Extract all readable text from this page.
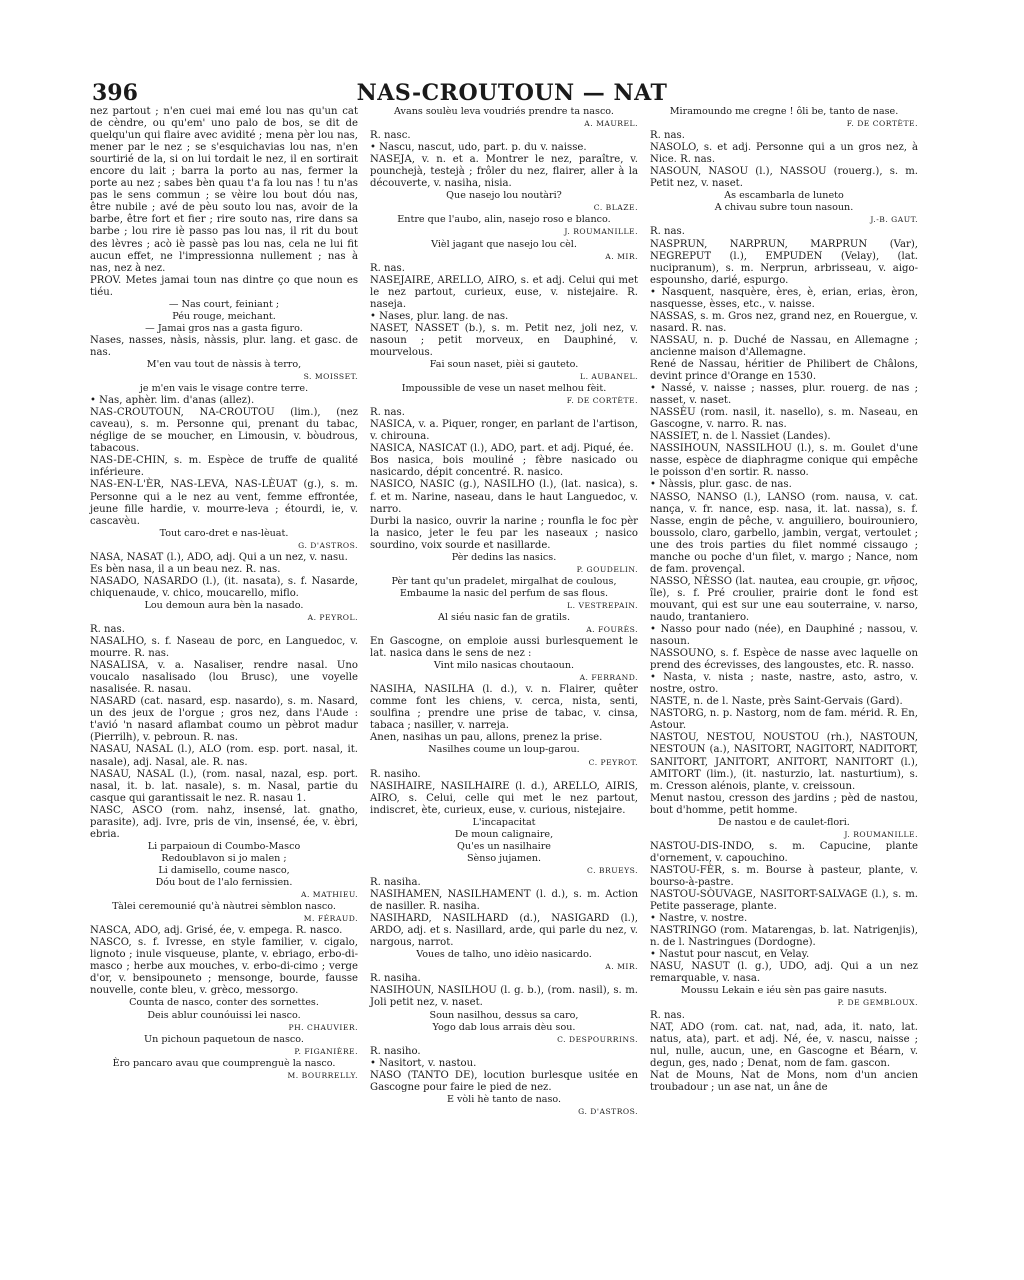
396	NAS-CROUTOUN — NAT
nez partout ; n'en cuei mai emé lou nas qu'un cat de cèndre, ou qu'em' uno palo de bos, se dit de quelqu'un qui flaire avec avidité ; mena pèr lou nas, mener par le nez ; se s'esquichavias lou nas, n'en sourtirié de la, si on lui tordait le nez, il en sortirait encore du lait ; barra la porto au nas, fermer la porte au nez ; sabes bèn quau t'a fa lou nas ! tu n'as pas le sens commun ; se vèire lou bout dóu nas, être nubile ; avé de pèu souto lou nas, avoir de la barbe, être fort et fier ; rire souto nas, rire dans sa barbe ; lou rire iè passo pas lou nas, il rit du bout des lèvres ; acò iè passè pas lou nas, cela ne lui fit aucun effet, ne l'impressionna nullement ; nas à nas, nez à nez.
PROV. Metes jamai toun nas dintre ço que noun es tiéu.
— Nas court, feiniant ;
Péu rouge, meichant.
— Jamai gros nas a gasta figuro.
Nases, nasses, nàsis, nàssis, plur. lang. et gasc. de nas.
M'en vau tout de nàssis à terro,
S. MOISSET.
je m'en vais le visage contre terre.
• Nas, aphèr. lim. d'anas (allez).
NAS-CROUTOUN, NA-CROUTOU (lim.), (nez caveau), s. m. Personne qui, prenant du tabac, néglige de se moucher, en Limousin, v. bòudrous, tabacous.
NAS-DE-CHIN, s. m. Espèce de truffe de qualité inférieure.
NAS-EN-L'ÈR, NAS-LEVA, NAS-LÈUAT (g.), s. m. Personne qui a le nez au vent, femme effrontée, jeune fille hardie, v. mourre-leva ; étourdi, ie, v. cascavèu.
Tout caro-dret e nas-lèuat.
G. D'ASTROS.
NASA, NASAT (l.), ADO, adj. Qui a un nez, v. nasu.
Es bèn nasa, il a un beau nez. R. nas.
NASADO, NASARDO (l.), (it. nasata), s. f. Nasarde, chiquenaude, v. chico, moucarello, miflo.
Lou demoun aura bèn la nasado.
A. PEYROL.
R. nas.
NASALHO, s. f. Naseau de porc, en Languedoc, v. mourre. R. nas.
NASALISA, v. a. Nasaliser, rendre nasal. Uno voucalo nasalisado (lou Brusc), une voyelle nasalisée. R. nasau.
NASARD (cat. nasard, esp. nasardo), s. m. Nasard, un des jeux de l'orgue ; gros nez, dans l'Aude : t'avió 'n nasard aflambat coumo un pèbrot madur (Pierrilh), v. pebroun. R. nas.
NASAU, NASAL (l.), ALO (rom. esp. port. nasal, it. nasale), adj. Nasal, ale. R. nas.
NASAU, NASAL (l.), (rom. nasal, nazal, esp. port. nasal, it. b. lat. nasale), s. m. Nasal, partie du casque qui garantissait le nez. R. nasau 1.
NASC, ASCO (rom. nahz, insensé, lat. gnatho, parasite), adj. Ivre, pris de vin, insensé, ée, v. èbri, ebria.
Li parpaioun di Coumbo-Masco
Redoublavon si jo malen ;
Li damisello, coume nasco,
Dóu bout de l'alo fernissien.
A. MATHIEU.
Tàlei ceremounié qu'à nàutrei sèmblon nasco.
M. FÉRAUD.
NASCA, ADO, adj. Grisé, ée, v. empega. R. nasco.
NASCO, s. f. Ivresse, en style familier, v. cigalo, lignoto ; inule visqueuse, plante, v. ebriago, erbo-di-masco ; herbe aux mouches, v. erbo-di-cimo ; verge d'or, v. bensipouneto ; mensonge, bourde, fausse nouvelle, conte bleu, v. grèco, messorgo.
Counta de nasco, conter des sornettes.
Deis ablur counóuissi lei nasco.
PH. CHAUVIER.
Un pichoun paquetoun de nasco.
P. FIGANIÈRE.
Èro pancaro avau que coumprenguè la nasco.
M. BOURRELLY.
Avans soulèu leva voudriés prendre ta nasco.
A. MAUREL.
R. nasc.
• Nascu, nascut, udo, part. p. du v. naisse.
NASEJA, v. n. et a. Montrer le nez, paraître, v. pounchejà, testejà ; frôler du nez, flairer, aller à la découverte, v. nasiha, nisia.
Que nasejo lou noutàri?
C. BLAZE.
Entre que l'aubo, alin, nasejo roso e blanco.
J. ROUMANILLE.
Vièl jagant que nasejo lou cèl.
A. MIR.
R. nas.
NASEJAIRE, ARELLO, AIRO, s. et adj. Celui qui met le nez partout, curieux, euse, v. nistejaire. R. naseja.
• Nases, plur. lang. de nas.
NASET, NASSET (b.), s. m. Petit nez, joli nez, v. nasoun ; petit morveux, en Dauphiné, v. mourvelous.
Fai soun naset, pièi si gauteto.
L. AUBANEL.
Impoussible de vese un naset melhou fèit.
F. DE CORTÈTE.
R. nas.
NASICA, v. a. Piquer, ronger, en parlant de l'artison, v. chirouna.
NASICA, NASICAT (l.), ADO, part. et adj. Piqué, ée.
Bos nasica, bois mouliné ; fèbre nasicado ou nasicardo, dépit concentré. R. nasico.
NASICO, NASIC (g.), NASILHO (l.), (lat. nasica), s. f. et m. Narine, naseau, dans le haut Languedoc, v. narro.
Durbi la nasico, ouvrir la narine ; rounfla le foc pèr la nasico, jeter le feu par les naseaux ; nasico sourdino, voix sourde et nasillarde.
Pèr dedins las nasics.
P. GOUDELIN.
Pèr tant qu'un pradelet, mirgalhat de coulous,
Embaume la nasic del perfum de sas flous.
L. VESTREPAIN.
Al siéu nasic fan de gratils.
A. FOURÈS.
En Gascogne, on emploie aussi burlesquement le lat. nasica dans le sens de nez :
Vint milo nasicas choutaoun.
A. FERRAND.
NASIHA, NASILHA (l. d.), v. n. Flairer, quêter comme font les chiens, v. cerca, nista, senti, soulfina ; prendre une prise de tabac, v. cinsa, tabaca ; nasiller, v. narreja.
Anen, nasihas un pau, allons, prenez la prise.
Nasilhes coume un loup-garou.
C. PEYROT.
R. nasiho.
NASIHAIRE, NASILHAIRE (l. d.), ARELLO, AIRIS, AIRO, s. Celui, celle qui met le nez partout, indiscret, ète, curieux, euse, v. curious, nistejaire.
L'incapacitat
De moun calignaire,
Qu'es un nasilhaire
Sènso jujamen.
C. BRUEYS.
R. nasiha.
NASIHAMEN, NASILHAMENT (l. d.), s. m. Action de nasiller. R. nasiha.
NASIHARD, NASILHARD (d.), NASIGARD (l.), ARDO, adj. et s. Nasillard, arde, qui parle du nez, v. nargous, narrot.
Voues de talho, uno idèio nasicardo.
A. MIR.
R. nasiha.
NASIHOUN, NASILHOU (l. g. b.), (rom. nasil), s. m. Joli petit nez, v. naset.
Soun nasilhou, dessus sa caro,
Yogo dab lous arrais dèu sou.
C. DESPOURRINS.
R. nasiho.
• Nasitort, v. nastou.
NASO (TANTO DE), locution burlesque usitée en Gascogne pour faire le pied de nez.
E vòli hè tanto de naso.
G. D'ASTROS.
Miramoundo me cregne ! ôli be, tanto de nase.
F. DE CORTÈTE.
R. nas.
NASOLO, s. et adj. Personne qui a un gros nez, à Nice. R. nas.
NASOUN, NASOU (l.), NASSOU (rouerg.), s. m. Petit nez, v. naset.
As escambarla de luneto
A chivau subre toun nasoun.
J.-B. GAUT.
R. nas.
NASPRUN, NARPRUN, MARPRUN (Var), NEGREPUT (l.), EMPUDEN (Velay), (lat. nucipranum), s. m. Nerprun, arbrisseau, v. aigo-espounsho, darié, espurgo.
• Nasquent, nasquère, ères, è, erian, erias, èron, nasquesse, èsses, etc., v. naisse.
NASSAS, s. m. Gros nez, grand nez, en Rouergue, v. nasard. R. nas.
NASSAU, n. p. Duché de Nassau, en Allemagne ; ancienne maison d'Allemagne.
René de Nassau, héritier de Philibert de Châlons, devint prince d'Orange en 1530.
• Nassé, v. naisse ; nasses, plur. rouerg. de nas ; nasset, v. naset.
NASSÈU (rom. nasil, it. nasello), s. m. Naseau, en Gascogne, v. narro. R. nas.
NASSIET, n. de l. Nassiet (Landes).
NASSIHOUN, NASSILHOU (l.), s. m. Goulet d'une nasse, espèce de diaphragme conique qui empêche le poisson d'en sortir. R. nasso.
• Nàssis, plur. gasc. de nas.
NASSO, NANSO (l.), LANSO (rom. nausa, v. cat. nança, v. fr. nance, esp. nasa, it. lat. nassa), s. f. Nasse, engin de pêche, v. anguiliero, bouirouniero, boussolo, claro, garbello, jambin, vergat, vertoulet ; une des trois parties du filet nommé cissaugo ; manche ou poche d'un filet, v. margo ; Nance, nom de fam. provençal.
NASSO, NÈSSO (lat. nautea, eau croupie, gr. νῆσος, île), s. f. Pré croulier, prairie dont le fond est mouvant, qui est sur une eau souterraine, v. narso, naudo, trantaniero.
• Nasso pour nado (née), en Dauphiné ; nassou, v. nasoun.
NASSOUNO, s. f. Espèce de nasse avec laquelle on prend des écrevisses, des langoustes, etc. R. nasso.
• Nasta, v. nista ; naste, nastre, asto, astro, v. nostre, ostro.
NASTE, n. de l. Naste, près Saint-Gervais (Gard).
NASTORG, n. p. Nastorg, nom de fam. mérid. R. En, Astour.
NASTOU, NESTOU, NOUSTOU (rh.), NASTOUN, NESTOUN (a.), NASITORT, NAGITORT, NADITORT, SANITORT, JANITORT, ANITORT, NANITORT (l.), AMITORT (lim.), (it. nasturzio, lat. nasturtium), s. m. Cresson alénois, plante, v. creissoun.
Menut nastou, cresson des jardins ; pèd de nastou, bout d'homme, petit homme.
De nastou e de caulet-flori.
J. ROUMANILLE.
NASTOU-DIS-INDO, s. m. Capucine, plante d'ornement, v. capouchino.
NASTOU-FÈR, s. m. Bourse à pasteur, plante, v. bourso-à-pastre.
NASTOU-SÒUVAGE, NASITORT-SALVAGE (l.), s. m. Petite passerage, plante.
• Nastre, v. nostre.
NASTRINGO (rom. Matarengas, b. lat. Natrigenjis), n. de l. Nastringues (Dordogne).
• Nastut pour nascut, en Velay.
NASU, NASUT (l. g.), UDO, adj. Qui a un nez remarquable, v. nasa.
Moussu Lekain e iéu sèn pas gaire nasuts.
P. DE GEMBLOUX.
R. nas.
NAT, ADO (rom. cat. nat, nad, ada, it. nato, lat. natus, ata), part. et adj. Né, ée, v. nascu, naisse ; nul, nulle, aucun, une, en Gascogne et Béarn, v. degun, ges, nado ; Denat, nom de fam. gascon.
Nat de Mouns, Nat de Mons, nom d'un ancien troubadour ; un ase nat, un âne de
